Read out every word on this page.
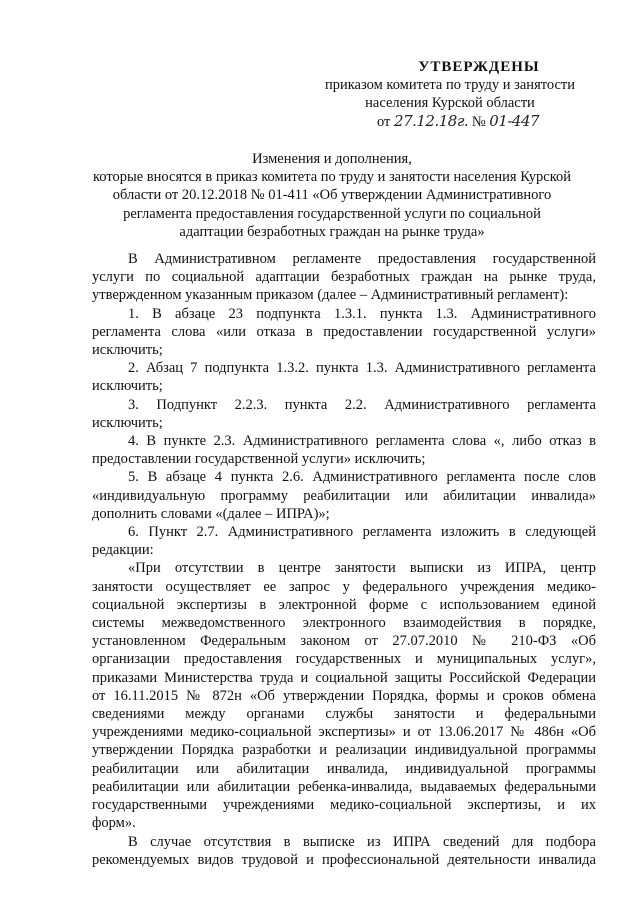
УТВЕРЖДЕНЫ
приказом комитета по труду и занятости
населения Курской области
от 27.12.18г. № 01-447
Изменения и дополнения,
которые вносятся в приказ комитета по труду и занятости населения Курской
области от 20.12.2018 № 01-411 «Об утверждении Административного
регламента предоставления государственной услуги по социальной
адаптации безработных граждан на рынке труда»
В Административном регламенте предоставления государственной
услуги по социальной адаптации безработных граждан на рынке труда,
утвержденном указанным приказом (далее – Административный регламент):
1. В абзаце 23 подпункта 1.3.1. пункта 1.3. Административного
регламента слова «или отказа в предоставлении государственной услуги»
исключить;
2. Абзац 7 подпункта 1.3.2. пункта 1.3. Административного регламента
исключить;
3. Подпункт 2.2.3. пункта 2.2. Административного регламента
исключить;
4. В пункте 2.3. Административного регламента слова «, либо отказ в
предоставлении государственной услуги» исключить;
5. В абзаце 4 пункта 2.6. Административного регламента после слов
«индивидуальную программу реабилитации или абилитации инвалида»
дополнить словами «(далее – ИПРА)»;
6. Пункт 2.7. Административного регламента изложить в следующей
редакции:
«При отсутствии в центре занятости выписки из ИПРА, центр
занятости осуществляет ее запрос у федерального учреждения медико-
социальной экспертизы в электронной форме с использованием единой
системы межведомственного электронного взаимодействия в порядке,
установленном Федеральным законом от 27.07.2010 № 210-ФЗ «Об
организации предоставления государственных и муниципальных услуг»,
приказами Министерства труда и социальной защиты Российской Федерации
от 16.11.2015 № 872н «Об утверждении Порядка, формы и сроков обмена
сведениями между органами службы занятости и федеральными
учреждениями медико-социальной экспертизы» и от 13.06.2017 № 486н «Об
утверждении Порядка разработки и реализации индивидуальной программы
реабилитации или абилитации инвалида, индивидуальной программы
реабилитации или абилитации ребенка-инвалида, выдаваемых федеральными
государственными учреждениями медико-социальной экспертизы, и их
форм».
В случае отсутствия в выписке из ИПРА сведений для подбора
рекомендуемых видов трудовой и профессиональной деятельности инвалида
